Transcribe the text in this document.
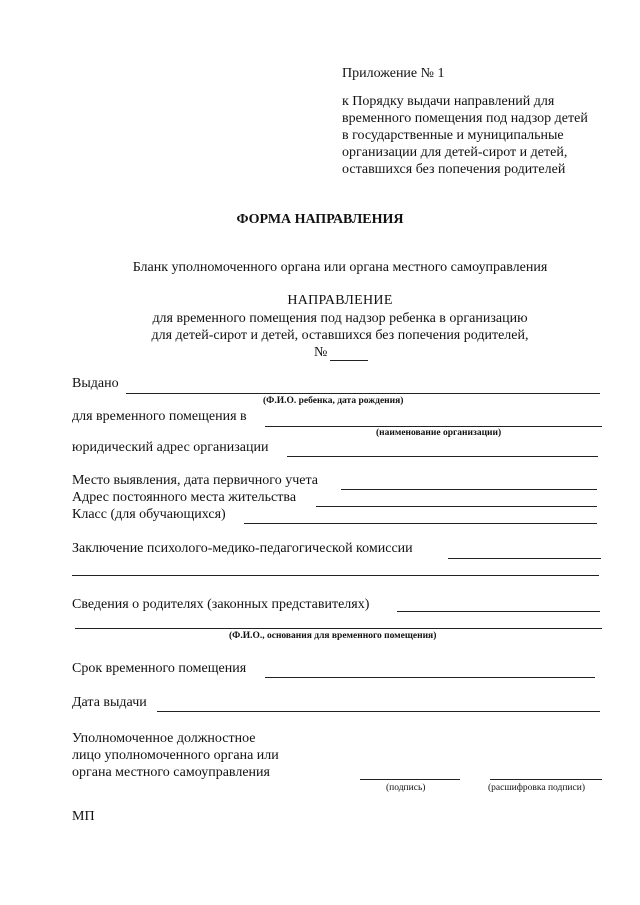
Приложение № 1
к Порядку выдачи направлений для
временного помещения под надзор детей
в государственные и муниципальные
организации для детей-сирот и детей,
оставшихся без попечения родителей
ФОРМА НАПРАВЛЕНИЯ
Бланк уполномоченного органа или органа местного самоуправления
НАПРАВЛЕНИЕ
для временного помещения под надзор ребенка в организацию
для детей-сирот и детей, оставшихся без попечения родителей,
№
Выдано
(Ф.И.О. ребенка, дата рождения)
для временного помещения в
(наименование организации)
юридический адрес организации
Место выявления, дата первичного учета
Адрес постоянного места жительства
Класс (для обучающихся)
Заключение психолого-медико-педагогической комиссии
Сведения о родителях (законных представителях)
(Ф.И.О., основания для временного помещения)
Срок временного помещения
Дата выдачи
Уполномоченное должностное
лицо уполномоченного органа или
органа местного самоуправления
(подпись)	(расшифровка подписи)
МП
